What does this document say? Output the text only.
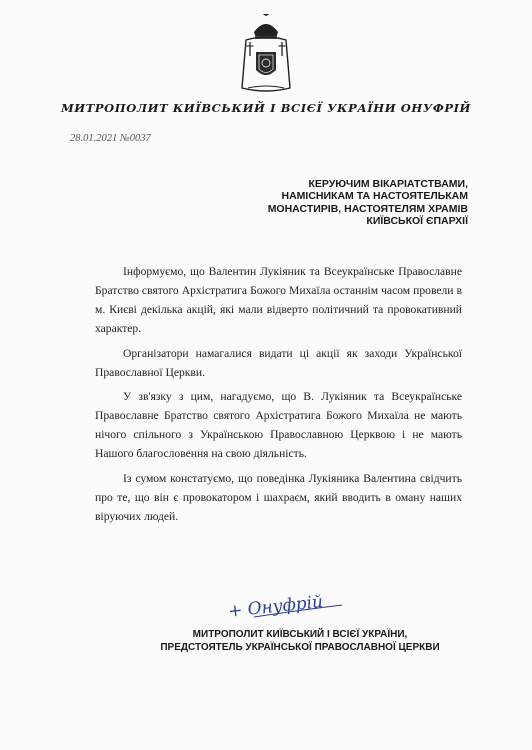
МИТРОПОЛИТ КИЇВСЬКИЙ І ВСІЄЇ УКРАЇНИ ОНУФРІЙ
28.01.2021 №0037
КЕРУЮЧИМ ВІКАРІАТСТВАМИ,
НАМІСНИКАМ ТА НАСТОЯТЕЛЬКАМ
МОНАСТИРІВ, НАСТОЯТЕЛЯМ ХРАМІВ
КИЇВСЬКОЇ ЄПАРХІЇ

Інформуємо, що Валентин Лукіяник та Всеукраїнське Православне Братство святого Архістратига Божого Михаїла останнім часом провели в м. Києві декілька акцій, які мали відверто політичний та провокативний характер.

Організатори намагалися видати ці акції як заходи Української Православної Церкви.

У зв'язку з цим, нагадуємо, що В. Лукіяник та Всеукраїнське Православне Братство святого Архістратига Божого Михаїла не мають нічого спільного з Українською Православною Церквою і не мають Нашого благословення на свою діяльність.

Із сумом констатуємо, що поведінка Лукіяника Валентина свідчить про те, що він є провокатором і шахраєм, який вводить в оману наших віруючих людей.

+ Онуфрій
МИТРОПОЛИТ КИЇВСЬКИЙ І ВСІЄЇ УКРАЇНИ,
ПРЕДСТОЯТЕЛЬ УКРАЇНСЬКОЇ ПРАВОСЛАВНОЇ ЦЕРКВИ
